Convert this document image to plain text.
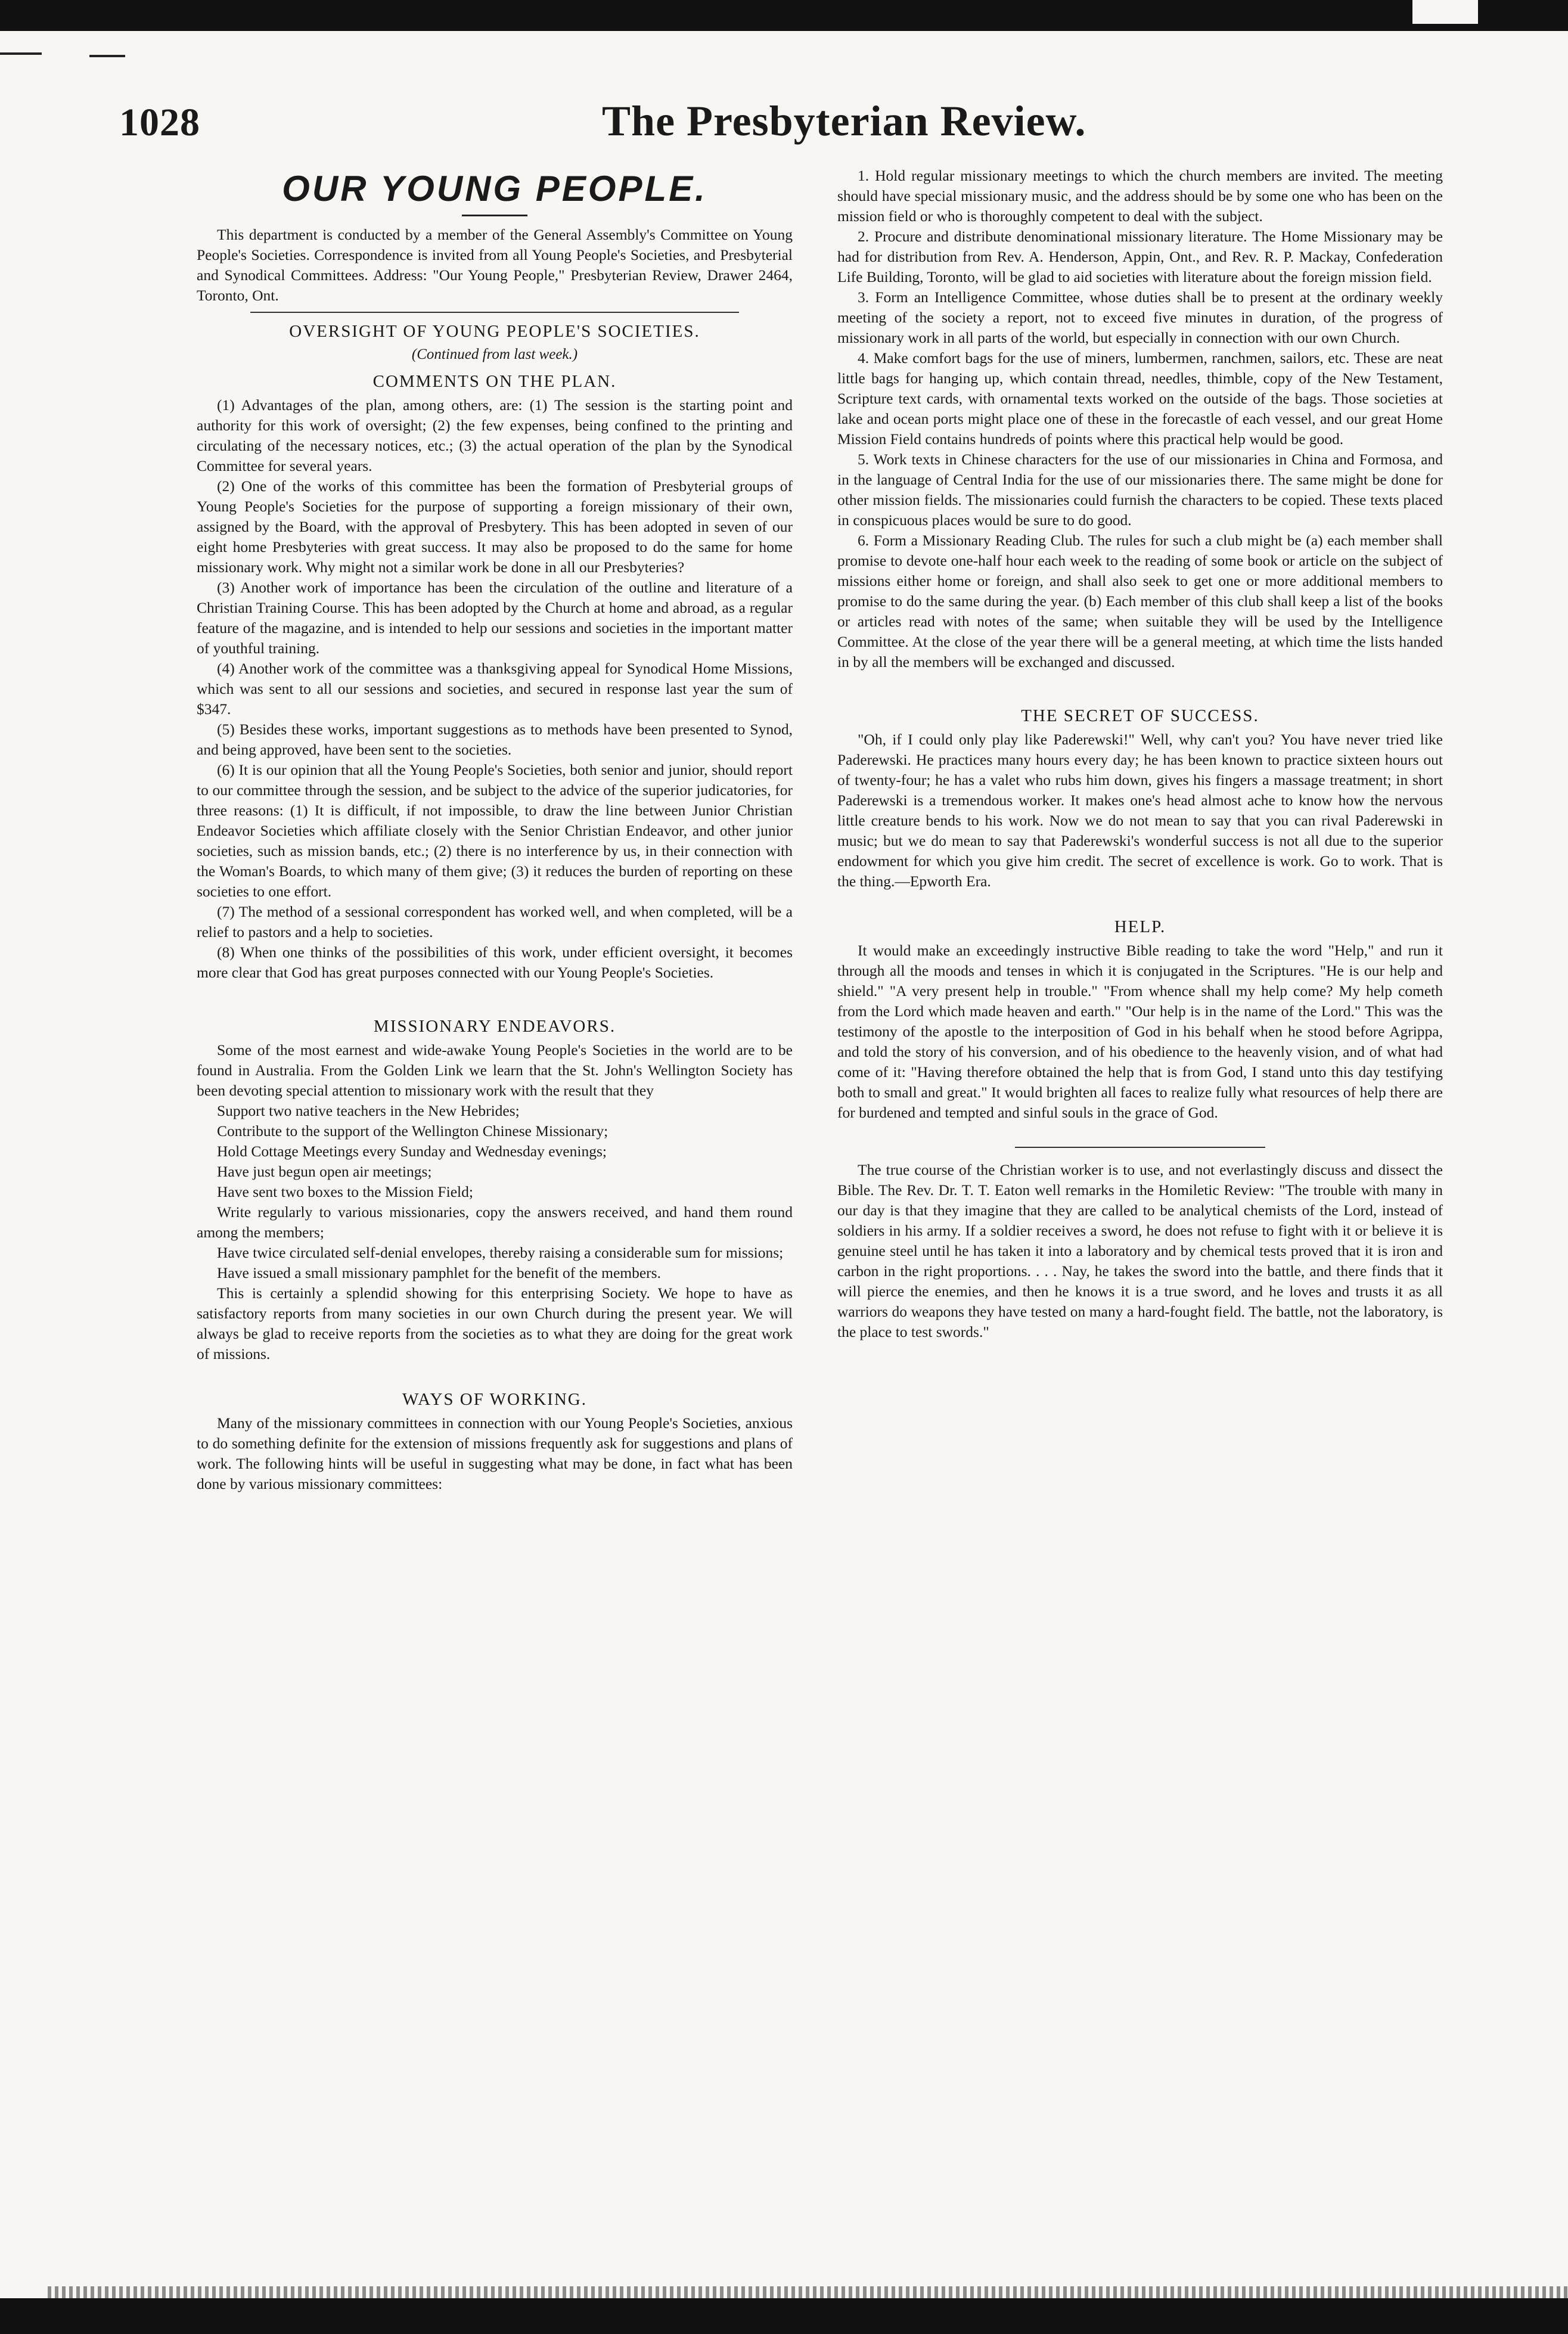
1028	The Presbyterian Review.
OUR YOUNG PEOPLE.

This department is conducted by a member of the General Assembly's Committee on Young People's Societies. Correspondence is invited from all Young People's Societies, and Presbyterial and Synodical Committees. Address: "Our Young People," Presbyterian Review, Drawer 2464, Toronto, Ont.

OVERSIGHT OF YOUNG PEOPLE'S SOCIETIES.
(Continued from last week.)
COMMENTS ON THE PLAN.

(1) Advantages of the plan, among others, are: (1) The session is the starting point and authority for this work of oversight; (2) the few expenses, being confined to the printing and circulating of the necessary notices, etc.; (3) the actual operation of the plan by the Synodical Committee for several years.

(2) One of the works of this committee has been the formation of Presbyterial groups of Young People's Societies for the purpose of supporting a foreign missionary of their own, assigned by the Board, with the approval of Presbytery. This has been adopted in seven of our eight home Presbyteries with great success. It may also be proposed to do the same for home missionary work. Why might not a similar work be done in all our Presbyteries?

(3) Another work of importance has been the circulation of the outline and literature of a Christian Training Course. This has been adopted by the Church at home and abroad, as a regular feature of the magazine, and is intended to help our sessions and societies in the important matter of youthful training.

(4) Another work of the committee was a thanksgiving appeal for Synodical Home Missions, which was sent to all our sessions and societies, and secured in response last year the sum of $347.

(5) Besides these works, important suggestions as to methods have been presented to Synod, and being approved, have been sent to the societies.

(6) It is our opinion that all the Young People's Societies, both senior and junior, should report to our committee through the session, and be subject to the advice of the superior judicatories, for three reasons: (1) It is difficult, if not impossible, to draw the line between Junior Christian Endeavor Societies which affiliate closely with the Senior Christian Endeavor, and other junior societies, such as mission bands, etc.; (2) there is no interference by us, in their connection with the Woman's Boards, to which many of them give; (3) it reduces the burden of reporting on these societies to one effort.

(7) The method of a sessional correspondent has worked well, and when completed, will be a relief to pastors and a help to societies.

(8) When one thinks of the possibilities of this work, under efficient oversight, it becomes more clear that God has great purposes connected with our Young People's Societies.

MISSIONARY ENDEAVORS.

Some of the most earnest and wide-awake Young People's Societies in the world are to be found in Australia. From the Golden Link we learn that the St. John's Wellington Society has been devoting special attention to missionary work with the result that they

Support two native teachers in the New Hebrides;

Contribute to the support of the Wellington Chinese Missionary;

Hold Cottage Meetings every Sunday and Wednesday evenings;

Have just begun open air meetings;

Have sent two boxes to the Mission Field;

Write regularly to various missionaries, copy the answers received, and hand them round among the members;

Have twice circulated self-denial envelopes, thereby raising a considerable sum for missions;

Have issued a small missionary pamphlet for the benefit of the members.

This is certainly a splendid showing for this enterprising Society. We hope to have as satisfactory reports from many societies in our own Church during the present year. We will always be glad to receive reports from the societies as to what they are doing for the great work of missions.

WAYS OF WORKING.

Many of the missionary committees in connection with our Young People's Societies, anxious to do something definite for the extension of missions frequently ask for suggestions and plans of work. The following hints will be useful in suggesting what may be done, in fact what has been done by various missionary committees:

1. Hold regular missionary meetings to which the church members are invited. The meeting should have special missionary music, and the address should be by some one who has been on the mission field or who is thoroughly competent to deal with the subject.

2. Procure and distribute denominational missionary literature. The Home Missionary may be had for distribution from Rev. A. Henderson, Appin, Ont., and Rev. R. P. Mackay, Confederation Life Building, Toronto, will be glad to aid societies with literature about the foreign mission field.

3. Form an Intelligence Committee, whose duties shall be to present at the ordinary weekly meeting of the society a report, not to exceed five minutes in duration, of the progress of missionary work in all parts of the world, but especially in connection with our own Church.

4. Make comfort bags for the use of miners, lumbermen, ranchmen, sailors, etc. These are neat little bags for hanging up, which contain thread, needles, thimble, copy of the New Testament, Scripture text cards, with ornamental texts worked on the outside of the bags. Those societies at lake and ocean ports might place one of these in the forecastle of each vessel, and our great Home Mission Field contains hundreds of points where this practical help would be good.

5. Work texts in Chinese characters for the use of our missionaries in China and Formosa, and in the language of Central India for the use of our missionaries there. The same might be done for other mission fields. The missionaries could furnish the characters to be copied. These texts placed in conspicuous places would be sure to do good.

6. Form a Missionary Reading Club. The rules for such a club might be (a) each member shall promise to devote one-half hour each week to the reading of some book or article on the subject of missions either home or foreign, and shall also seek to get one or more additional members to promise to do the same during the year. (b) Each member of this club shall keep a list of the books or articles read with notes of the same; when suitable they will be used by the Intelligence Committee. At the close of the year there will be a general meeting, at which time the lists handed in by all the members will be exchanged and discussed.

THE SECRET OF SUCCESS.

"Oh, if I could only play like Paderewski!" Well, why can't you? You have never tried like Paderewski. He practices many hours every day; he has been known to practice sixteen hours out of twenty-four; he has a valet who rubs him down, gives his fingers a massage treatment; in short Paderewski is a tremendous worker. It makes one's head almost ache to know how the nervous little creature bends to his work. Now we do not mean to say that you can rival Paderewski in music; but we do mean to say that Paderewski's wonderful success is not all due to the superior endowment for which you give him credit. The secret of excellence is work. Go to work. That is the thing.—Epworth Era.

HELP.

It would make an exceedingly instructive Bible reading to take the word "Help," and run it through all the moods and tenses in which it is conjugated in the Scriptures. "He is our help and shield." "A very present help in trouble." "From whence shall my help come? My help cometh from the Lord which made heaven and earth." "Our help is in the name of the Lord." This was the testimony of the apostle to the interposition of God in his behalf when he stood before Agrippa, and told the story of his conversion, and of his obedience to the heavenly vision, and of what had come of it: "Having therefore obtained the help that is from God, I stand unto this day testifying both to small and great." It would brighten all faces to realize fully what resources of help there are for burdened and tempted and sinful souls in the grace of God.

The true course of the Christian worker is to use, and not everlastingly discuss and dissect the Bible. The Rev. Dr. T. T. Eaton well remarks in the Homiletic Review: "The trouble with many in our day is that they imagine that they are called to be analytical chemists of the Lord, instead of soldiers in his army. If a soldier receives a sword, he does not refuse to fight with it or believe it is genuine steel until he has taken it into a laboratory and by chemical tests proved that it is iron and carbon in the right proportions. . . . Nay, he takes the sword into the battle, and there finds that it will pierce the enemies, and then he knows it is a true sword, and he loves and trusts it as all warriors do weapons they have tested on many a hard-fought field. The battle, not the laboratory, is the place to test swords."
